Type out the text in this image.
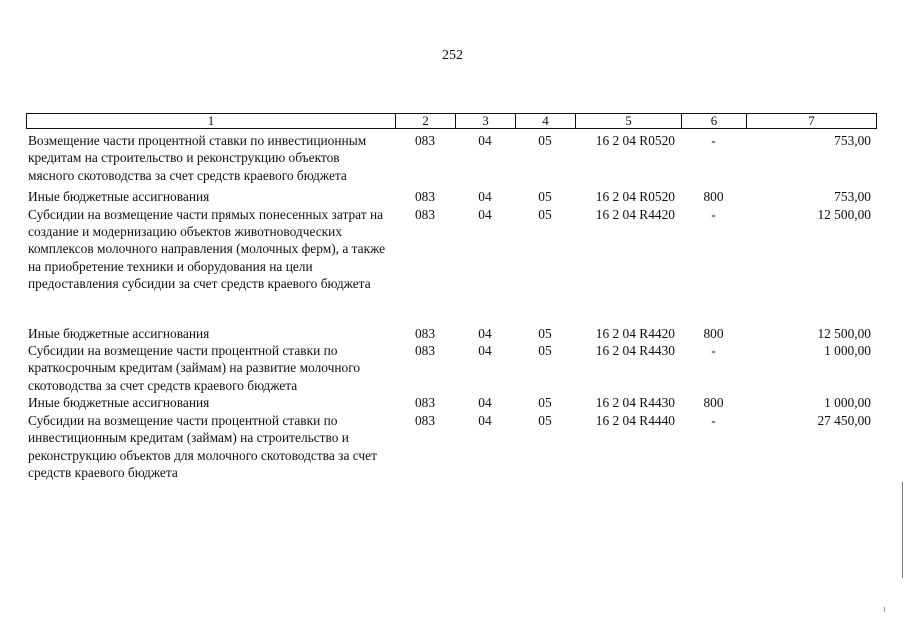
252
1	2	3	4	5	6	7
Возмещение части процентной ставки по инвестиционным кредитам на строительство и реконструкцию объектов мясного скотоводства за счет средств краевого бюджета	083	04	05	16 2 04 R0520	-	753,00
Иные бюджетные ассигнования	083	04	05	16 2 04 R0520	800	753,00
Субсидии на возмещение части прямых понесенных затрат на создание и модернизацию объектов животноводческих комплексов молочного направления (молочных ферм), а также на приобретение техники и оборудования на цели предоставления субсидии за счет средств краевого бюджета	083	04	05	16 2 04 R4420	-	12 500,00
Иные бюджетные ассигнования	083	04	05	16 2 04 R4420	800	12 500,00
Субсидии на возмещение части процентной ставки по краткосрочным кредитам (займам) на развитие молочного скотоводства за счет средств краевого бюджета	083	04	05	16 2 04 R4430	-	1 000,00
Иные бюджетные ассигнования	083	04	05	16 2 04 R4430	800	1 000,00
Субсидии на возмещение части процентной ставки по инвестиционным кредитам (займам) на строительство и реконструкцию объектов для молочного скотоводства за счет средств краевого бюджета	083	04	05	16 2 04 R4440	-	27 450,00
